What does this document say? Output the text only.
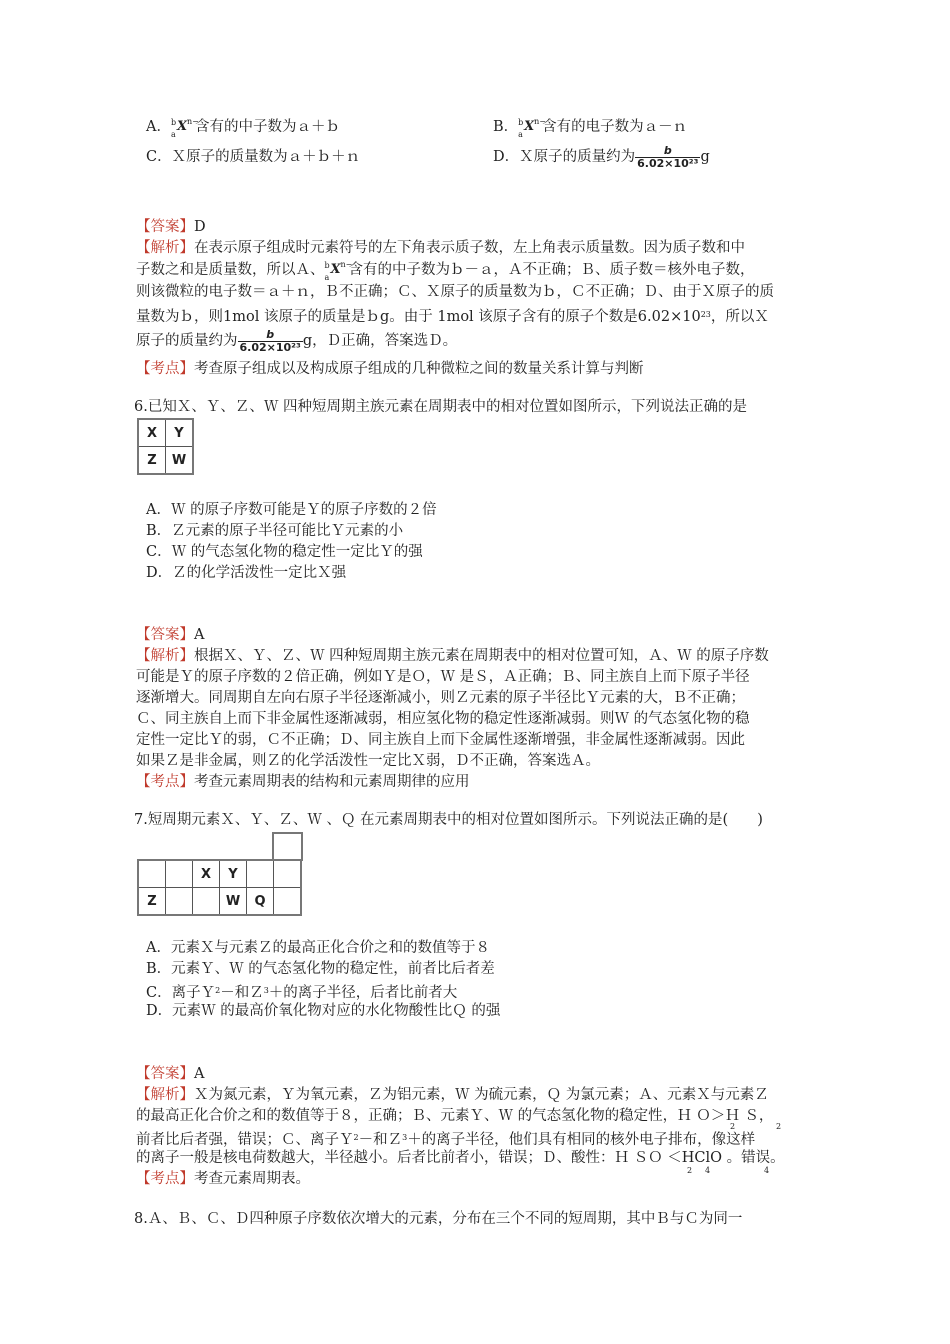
A． b
a
X n−
含有的中子数为ａ＋ｂ	B． b
a
X n−
含有的电子数为ａ－ｎ
C．Ｘ原子的质量数为ａ＋ｂ＋ｎ	D．Ｘ原子的质量约为 $\frac{b}{\text{6.02×10²³}}$ g
【答案】D
【解析】在表示原子组成时元素符号的左下角表示质子数，左上角表示质量数。因为质子数和中
子数之和是质量数，所以Ａ、 b
a
X n−
含有的中子数为ｂ－ａ，Ａ不正确；Ｂ、质子数＝核外电子数，
则该微粒的电子数＝ａ＋ｎ，Ｂ不正确；Ｃ、Ｘ原子的质量数为ｂ，Ｃ不正确；Ｄ、由于Ｘ原子的质
量数为ｂ，则1mol 该原子的质量是ｂg。由于 1mol 该原子含有的原子个数是$6.02\times 10^{23}$，所以Ｘ
原子的质量约为 $\frac{b}{\text{6.02×10²³}}$ g，Ｄ正确，答案选Ｄ。
【考点】考查原子组成以及构成原子组成的几种微粒之间的数量关系计算与判断
6.已知Ｘ、Ｙ、Ｚ、Ｗ 四种短周期主族元素在周期表中的相对位置如图所示，下列说法正确的是
X	Y
Z	W
A．Ｗ 的原子序数可能是Ｙ的原子序数的２倍
B．Ｚ元素的原子半径可能比Ｙ元素的小
C．Ｗ 的气态氢化物的稳定性一定比Ｙ的强
D．Ｚ的化学活泼性一定比Ｘ强
【答案】A
【解析】根据Ｘ、Ｙ、Ｚ、Ｗ 四种短周期主族元素在周期表中的相对位置可知，Ａ、Ｗ 的原子序数
可能是Ｙ的原子序数的２倍正确，例如Ｙ是Ｏ，Ｗ 是Ｓ，Ａ正确；Ｂ、同主族自上而下原子半径
逐渐增大。同周期自左向右原子半径逐渐减小，则Ｚ元素的原子半径比Ｙ元素的大，Ｂ不正确；
Ｃ、同主族自上而下非金属性逐渐减弱，相应氢化物的稳定性逐渐减弱。则Ｗ 的气态氢化物的稳
定性一定比Ｙ的弱，Ｃ不正确；Ｄ、同主族自上而下金属性逐渐增强，非金属性逐渐减弱。因此
如果Ｚ是非金属，则Ｚ的化学活泼性一定比Ｘ弱，Ｄ不正确，答案选Ａ。
【考点】考查元素周期表的结构和元素周期律的应用
7.短周期元素Ｘ、Ｙ、Ｚ、Ｗ 、Ｑ 在元素周期表中的相对位置如图所示。下列说法正确的是(　　)
		X	Y		
Z			W	Q	
A．元素Ｘ与元素Ｚ的最高正化合价之和的数值等于８
B．元素Ｙ、Ｗ 的气态氢化物的稳定性，前者比后者差
C．离子Ｙ$^2$－和Ｚ$^3$＋的离子半径，后者比前者大
D．元素Ｗ 的最高价氧化物对应的水化物酸性比Ｑ 的强
【答案】A
【解析】Ｘ为氮元素，Ｙ为氧元素，Ｚ为铝元素，Ｗ 为硫元素，Ｑ 为氯元素；Ａ、元素Ｘ与元素Ｚ
的最高正化合价之和的数值等于８，正确；Ｂ、元素Ｙ、Ｗ 的气态氢化物的稳定性，Ｈ Ｏ＞Ｈ Ｓ，
前者比后者强，错误；Ｃ、离子Ｙ$^2$－和Ｚ$^3$＋的离子半径，他们具有相同的核外电子排布，像这样
2	2
的离子一般是核电荷数越大，半径越小。后者比前者小，错误；Ｄ、酸性：Ｈ ＳＯ ＜HClO 。错误。
2 4	4
【考点】考查元素周期表。
8.Ａ、Ｂ、Ｃ、Ｄ四种原子序数依次增大的元素，分布在三个不同的短周期，其中Ｂ与Ｃ为同一
